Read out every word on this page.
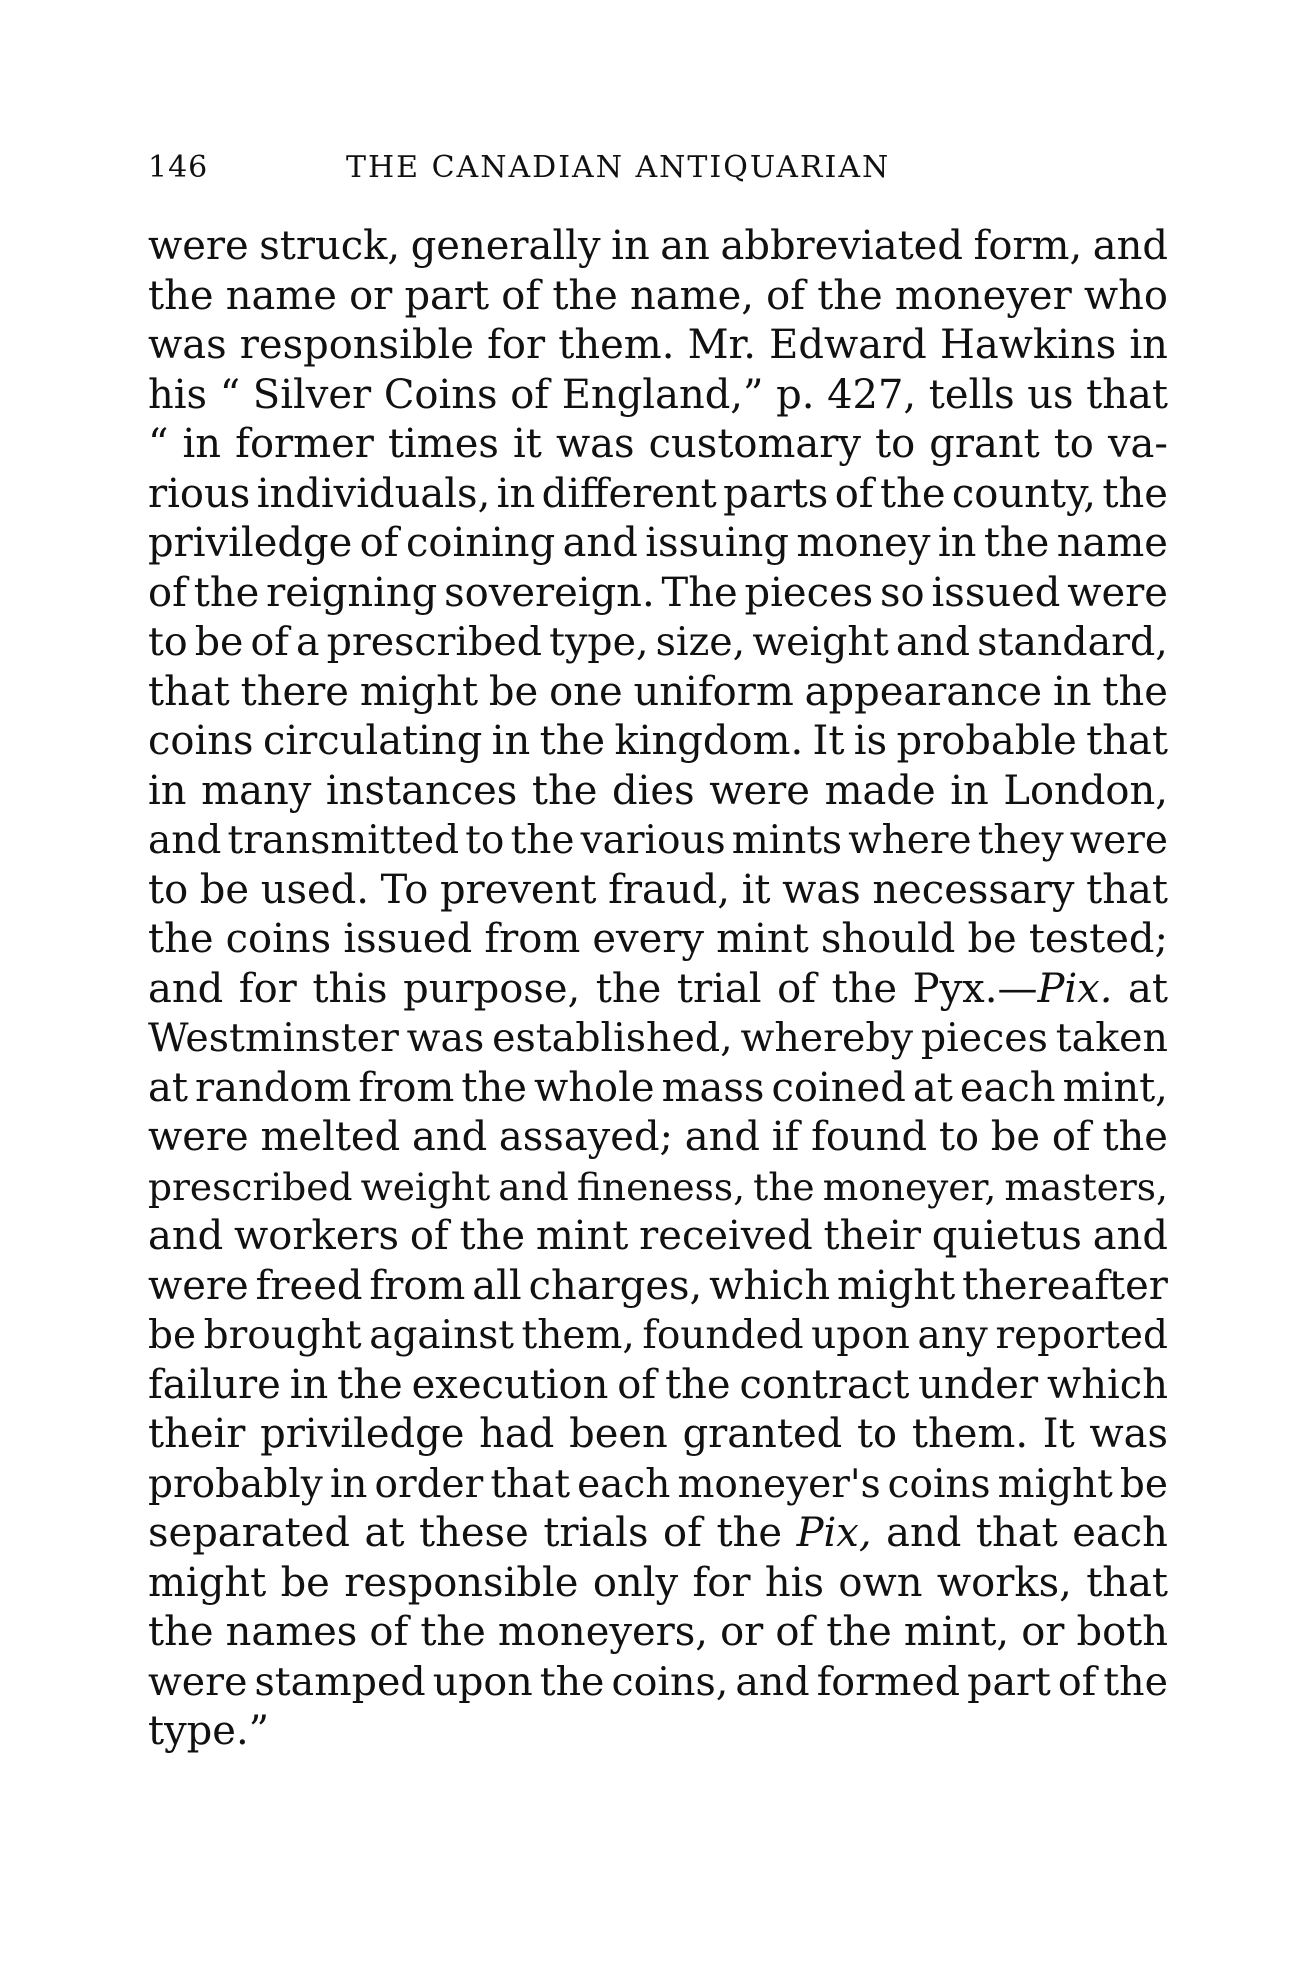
146	THE CANADIAN ANTIQUARIAN
were struck, generally in an abbreviated form, and
the name or part of the name, of the moneyer who
was responsible for them. Mr. Edward Hawkins in
his “ Silver Coins of England,” p. 427, tells us that
“ in former times it was customary to grant to va-
rious individuals, in different parts of the county, the
priviledge of coining and issuing money in the name
of the reigning sovereign. The pieces so issued were
to be of a prescribed type, size, weight and standard,
that there might be one uniform appearance in the
coins circulating in the kingdom. It is probable that
in many instances the dies were made in London,
and transmitted to the various mints where they were
to be used. To prevent fraud, it was necessary that
the coins issued from every mint should be tested;
and for this purpose, the trial of the Pyx.—Pix. at
Westminster was established, whereby pieces taken
at random from the whole mass coined at each mint,
were melted and assayed; and if found to be of the
prescribed weight and fineness, the moneyer, masters,
and workers of the mint received their quietus and
were freed from all charges, which might thereafter
be brought against them, founded upon any reported
failure in the execution of the contract under which
their priviledge had been granted to them. It was
probably in order that each moneyer's coins might be
separated at these trials of the Pix, and that each
might be responsible only for his own works, that
the names of the moneyers, or of the mint, or both
were stamped upon the coins, and formed part of the
type.”
